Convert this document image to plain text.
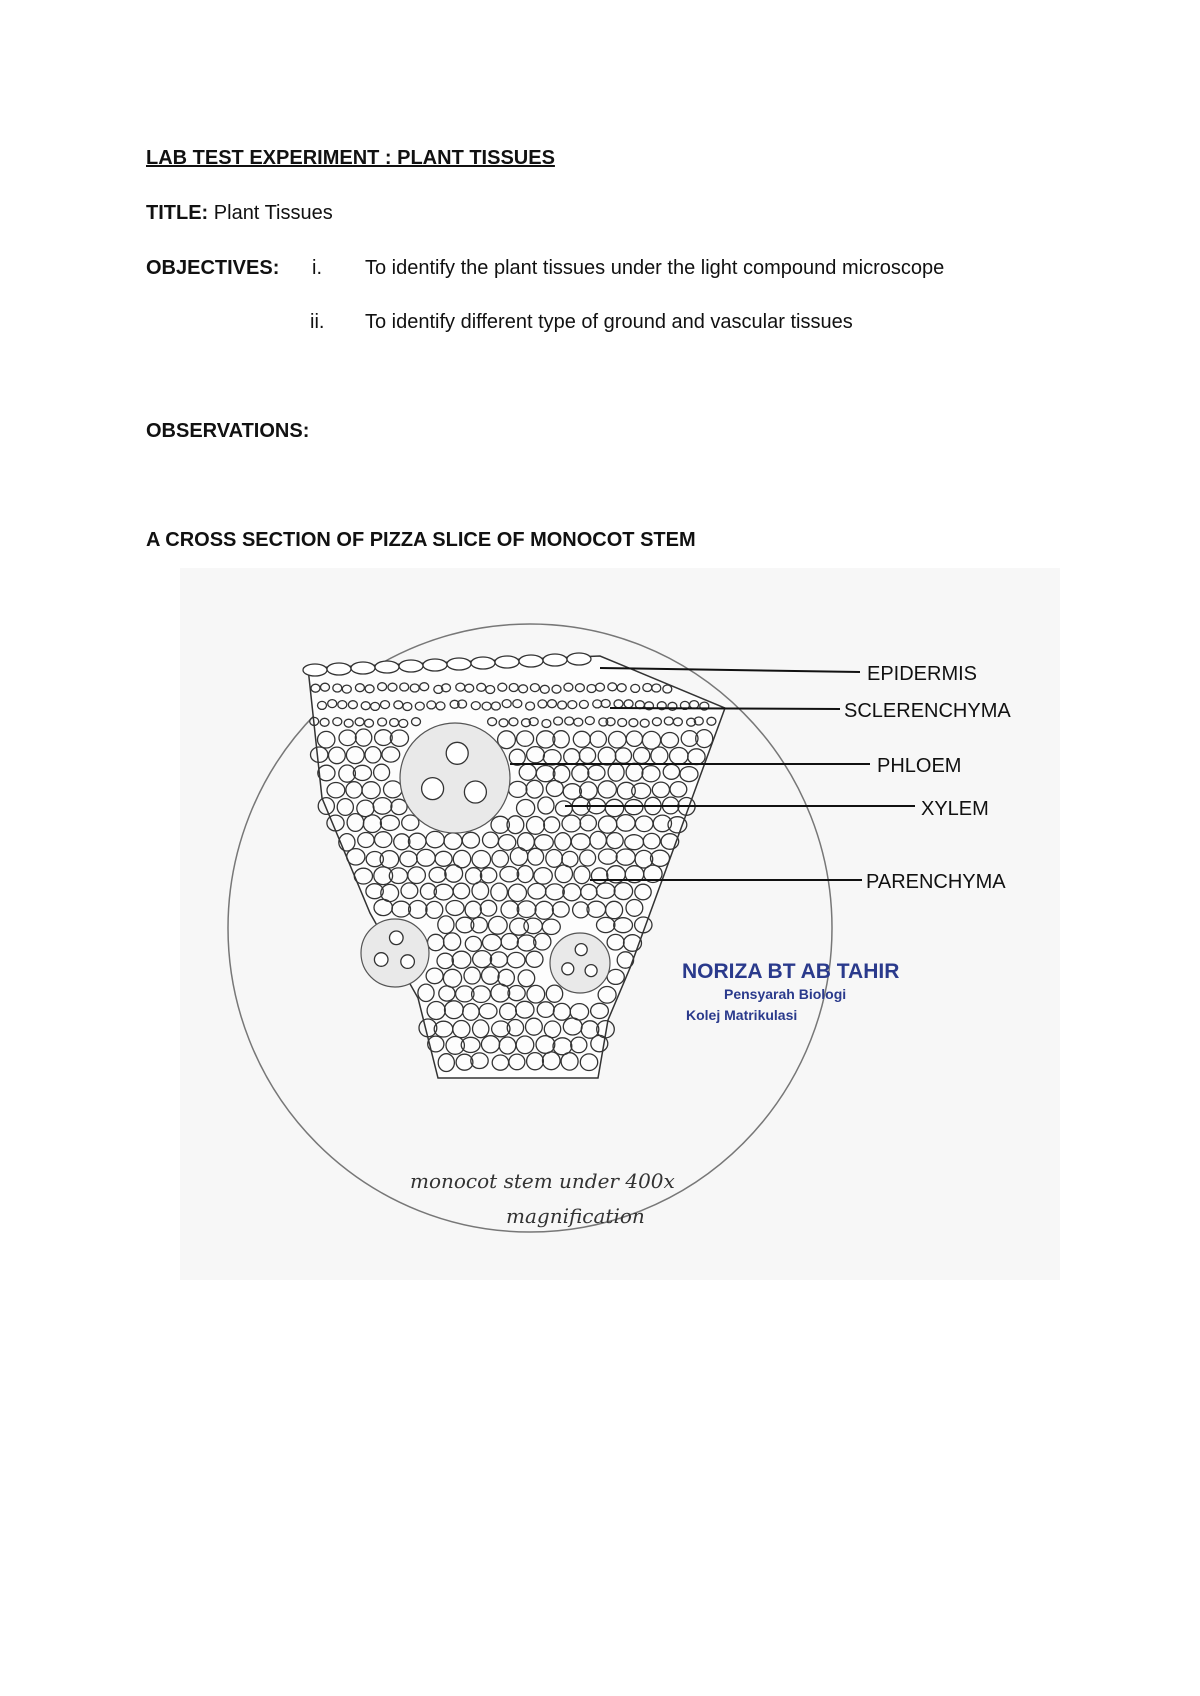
LAB TEST EXPERIMENT : PLANT TISSUES
TITLE: Plant Tissues
OBJECTIVES: i. To identify the plant tissues under the light compound microscope
ii. To identify different type of ground and vascular tissues
OBSERVATIONS:
A CROSS SECTION OF PIZZA SLICE OF MONOCOT STEM
EPIDERMIS
SCLERENCHYMA
PHLOEM
XYLEM
PARENCHYMA
NORIZA BT AB TAHIR
Pensyarah Biologi
Kolej Matrikulasi
monocot stem under 400x
magnification
